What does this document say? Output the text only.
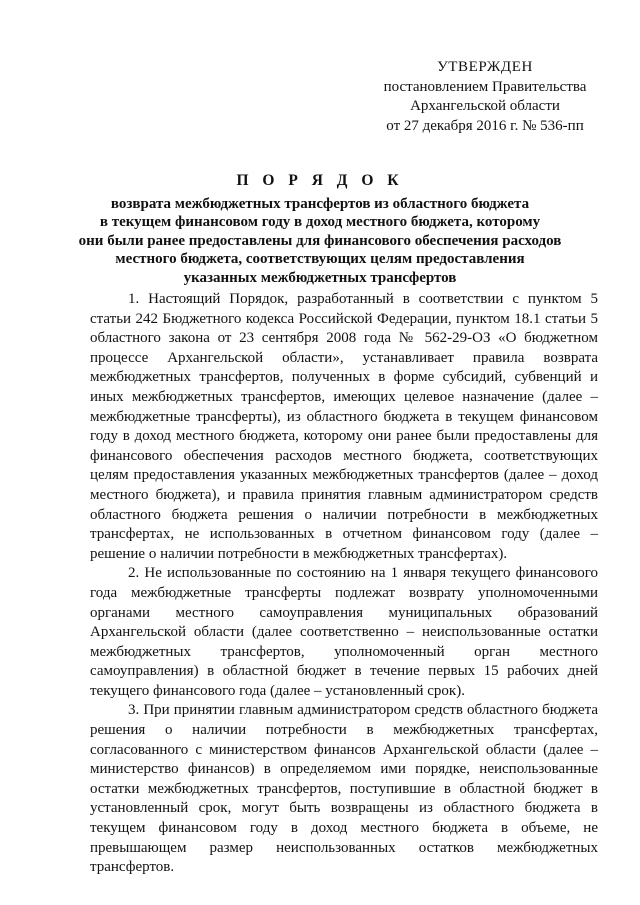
УТВЕРЖДЕН
постановлением Правительства
Архангельской области
от 27 декабря 2016 г. № 536-пп
П О Р Я Д О К
возврата межбюджетных трансфертов из областного бюджета
в текущем финансовом году в доход местного бюджета, которому
они были ранее предоставлены для финансового обеспечения расходов
местного бюджета, соответствующих целям предоставления
указанных межбюджетных трансфертов

1. Настоящий Порядок, разработанный в соответствии с пунктом 5 статьи 242 Бюджетного кодекса Российской Федерации, пунктом 18.1 статьи 5 областного закона от 23 сентября 2008 года № 562-29-ОЗ «О бюджетном процессе Архангельской области», устанавливает правила возврата межбюджетных трансфертов, полученных в форме субсидий, субвенций и иных межбюджетных трансфертов, имеющих целевое назначение (далее – межбюджетные трансферты), из областного бюджета в текущем финансовом году в доход местного бюджета, которому они ранее были предоставлены для финансового обеспечения расходов местного бюджета, соответствующих целям предоставления указанных межбюджетных трансфертов (далее – доход местного бюджета), и правила принятия главным администратором средств областного бюджета решения о наличии потребности в межбюджетных трансфертах, не использованных в отчетном финансовом году (далее – решение о наличии потребности в межбюджетных трансфертах).

2. Не использованные по состоянию на 1 января текущего финансового года межбюджетные трансферты подлежат возврату уполномоченными органами местного самоуправления муниципальных образований Архангельской области (далее соответственно – неиспользованные остатки межбюджетных трансфертов, уполномоченный орган местного самоуправления) в областной бюджет в течение первых 15 рабочих дней текущего финансового года (далее – установленный срок).

3. При принятии главным администратором средств областного бюджета решения о наличии потребности в межбюджетных трансфертах, согласованного с министерством финансов Архангельской области (далее – министерство финансов) в определяемом ими порядке, неиспользованные остатки межбюджетных трансфертов, поступившие в областной бюджет в установленный срок, могут быть возвращены из областного бюджета в текущем финансовом году в доход местного бюджета в объеме, не превышающем размер неиспользованных остатков межбюджетных трансфертов.
